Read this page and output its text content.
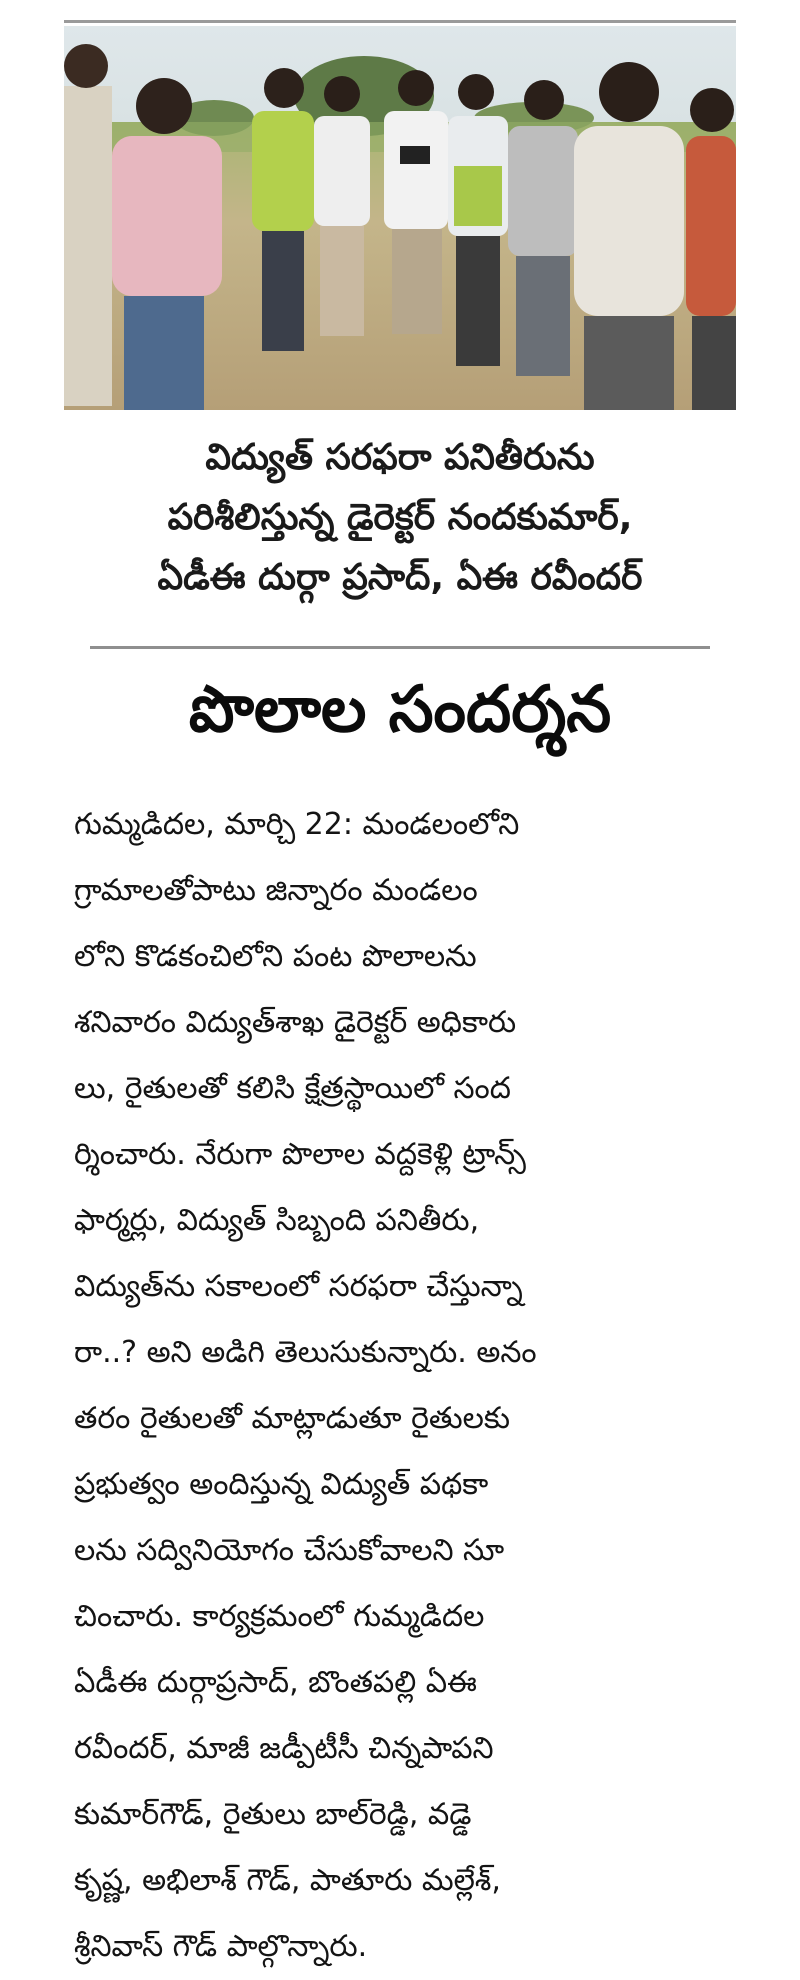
విద్యుత్ సరఫరా పనితీరును
పరిశీలిస్తున్న డైరెక్టర్ నందకుమార్,
ఏడీఈ దుర్గా ప్రసాద్, ఏఈ రవీందర్
పొలాల సందర్శన
గుమ్మడిదల, మార్చి 22: మండలంలోని
గ్రామాలతోపాటు జిన్నారం మండలం
లోని కొడకంచిలోని పంట పొలాలను
శనివారం విద్యుత్‌శాఖ డైరెక్టర్ అధికారు
లు, రైతులతో కలిసి క్షేత్రస్థాయిలో సంద
ర్శించారు. నేరుగా పొలాల వద్దకెళ్లి ట్రాన్స్
ఫార్మర్లు, విద్యుత్ సిబ్బంది పనితీరు,
విద్యుత్‌ను సకాలంలో సరఫరా చేస్తున్నా
రా..? అని అడిగి తెలుసుకున్నారు. అనం
తరం రైతులతో మాట్లాడుతూ రైతులకు
ప్రభుత్వం అందిస్తున్న విద్యుత్ పథకా
లను సద్వినియోగం చేసుకోవాలని సూ
చించారు. కార్యక్రమంలో గుమ్మడిదల
ఏడీఈ దుర్గాప్రసాద్, బొంతపల్లి ఏఈ
రవీందర్, మాజీ జడ్పీటీసీ చిన్నపాపని
కుమార్‌గౌడ్, రైతులు బాల్‌రెడ్డి, వడ్డె
కృష్ణ, అభిలాశ్ గౌడ్, పాతూరు మల్లేశ్,
శ్రీనివాస్ గౌడ్ పాల్గొన్నారు.
